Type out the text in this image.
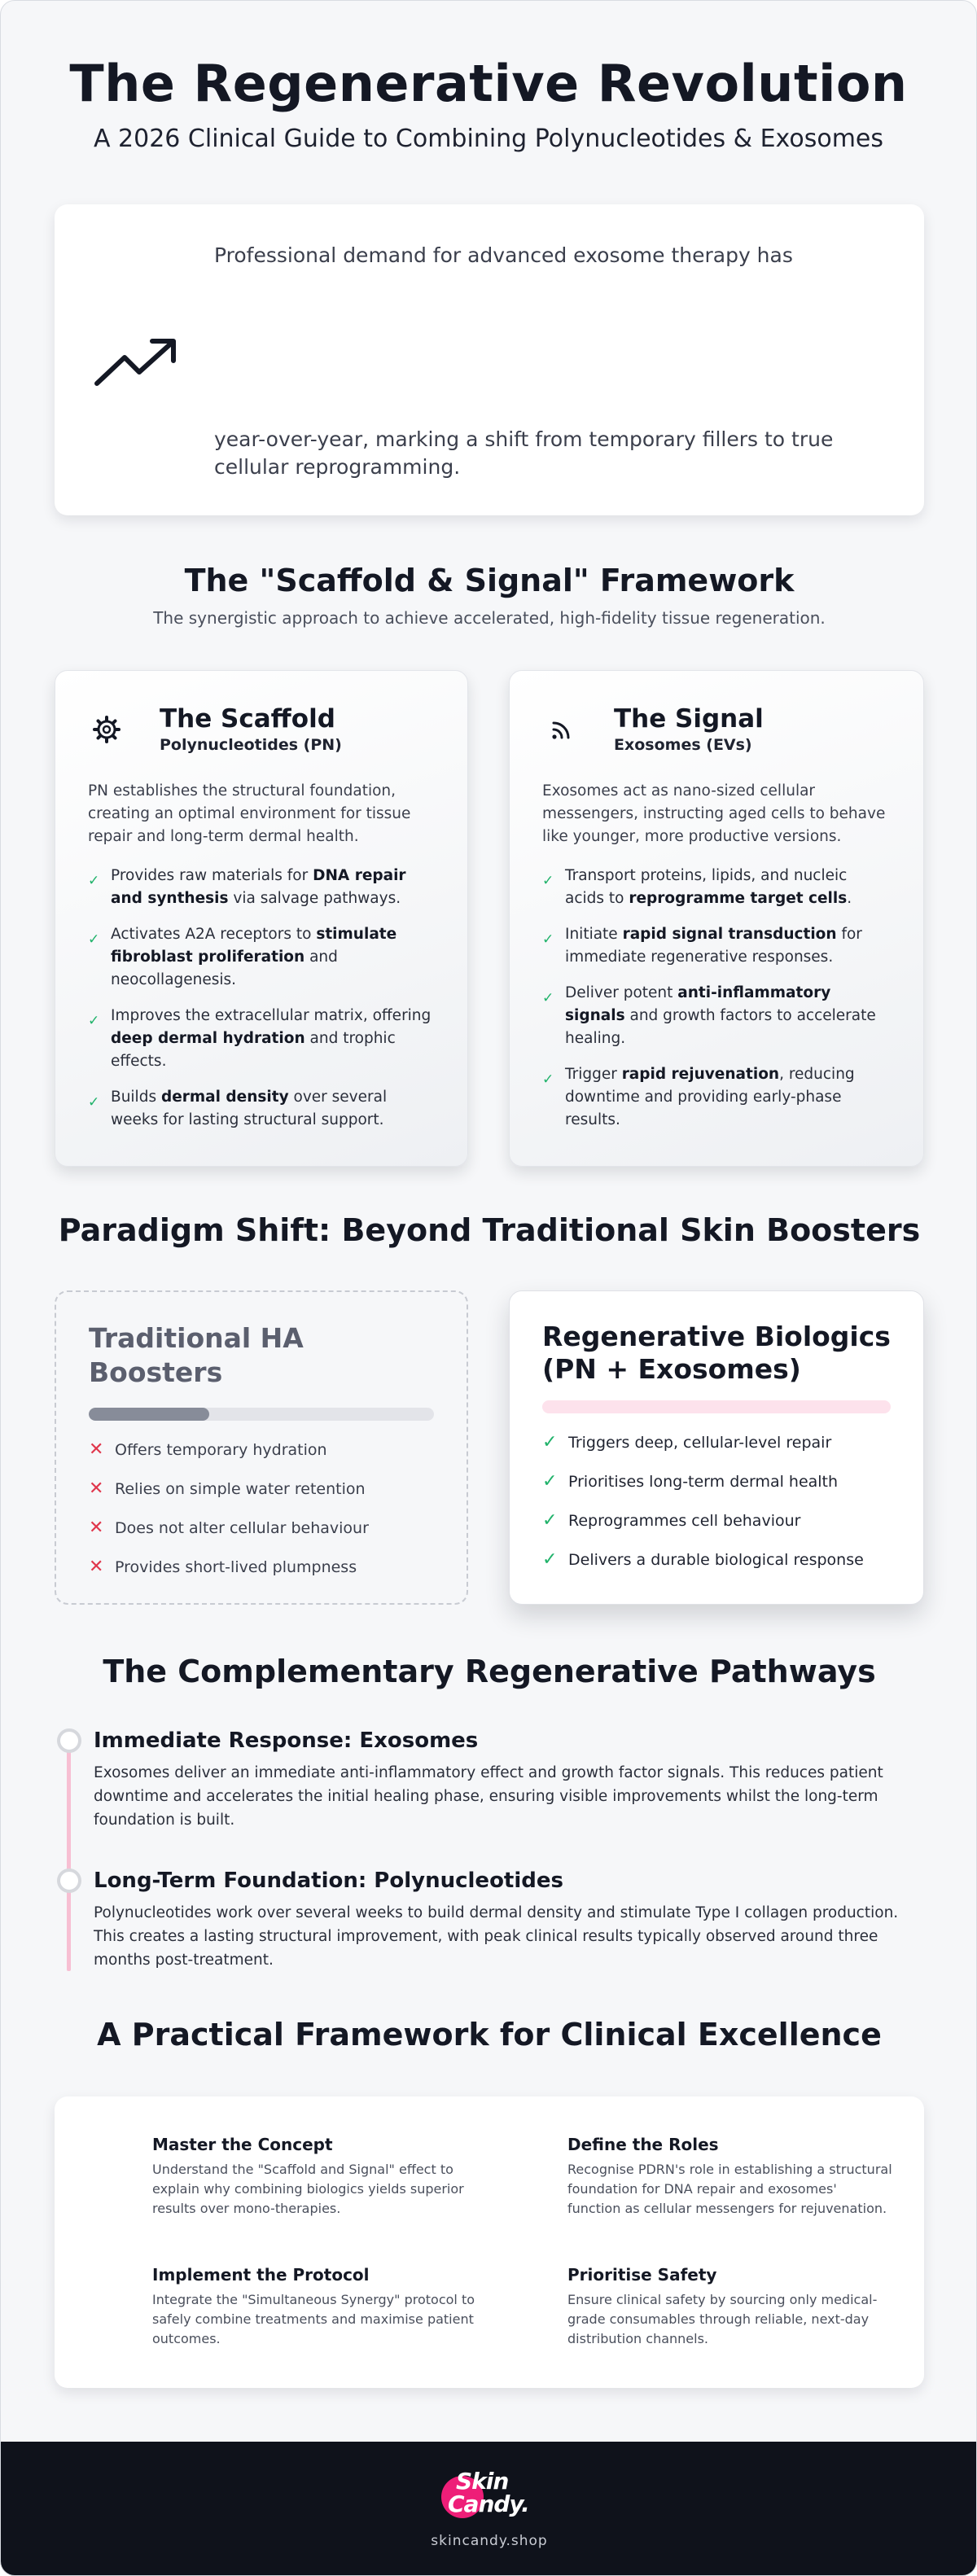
The Regenerative Revolution
A 2026 Clinical Guide to Combining Polynucleotides & Exosomes
Professional demand for advanced exosome therapy has
year-over-year, marking a shift from temporary fillers to true cellular reprogramming.
The "Scaffold & Signal" Framework
The synergistic approach to achieve accelerated, high-fidelity tissue regeneration.
The Scaffold
Polynucleotides (PN)

PN establishes the structural foundation, creating an optimal environment for tissue repair and long-term dermal health.

✓ Provides raw materials for DNA repair and synthesis via salvage pathways.
✓ Activates A2A receptors to stimulate fibroblast proliferation and neocollagenesis.
✓ Improves the extracellular matrix, offering deep dermal hydration and trophic effects.
✓ Builds dermal density over several weeks for lasting structural support.
The Signal
Exosomes (EVs)

Exosomes act as nano-sized cellular messengers, instructing aged cells to behave like younger, more productive versions.

✓ Transport proteins, lipids, and nucleic acids to reprogramme target cells.
✓ Initiate rapid signal transduction for immediate regenerative responses.
✓ Deliver potent anti-inflammatory signals and growth factors to accelerate healing.
✓ Trigger rapid rejuvenation, reducing downtime and providing early-phase results.
Paradigm Shift: Beyond Traditional Skin Boosters
Traditional HA Boosters
✕ Offers temporary hydration
✕ Relies on simple water retention
✕ Does not alter cellular behaviour
✕ Provides short-lived plumpness
Regenerative Biologics (PN + Exosomes)
✓ Triggers deep, cellular-level repair
✓ Prioritises long-term dermal health
✓ Reprogrammes cell behaviour
✓ Delivers a durable biological response
The Complementary Regenerative Pathways
Immediate Response: Exosomes

Exosomes deliver an immediate anti-inflammatory effect and growth factor signals. This reduces patient downtime and accelerates the initial healing phase, ensuring visible improvements whilst the long-term foundation is built.

Long-Term Foundation: Polynucleotides

Polynucleotides work over several weeks to build dermal density and stimulate Type I collagen production. This creates a lasting structural improvement, with peak clinical results typically observed around three months post-treatment.

A Practical Framework for Clinical Excellence
Master the Concept

Understand the "Scaffold and Signal" effect to explain why combining biologics yields superior results over mono-therapies.

Define the Roles

Recognise PDRN's role in establishing a structural foundation for DNA repair and exosomes' function as cellular messengers for rejuvenation.

Implement the Protocol

Integrate the "Simultaneous Synergy" protocol to safely combine treatments and maximise patient outcomes.

Prioritise Safety

Ensure clinical safety by sourcing only medical-grade consumables through reliable, next-day distribution channels.

Skin
Candy.
skincandy.shop
